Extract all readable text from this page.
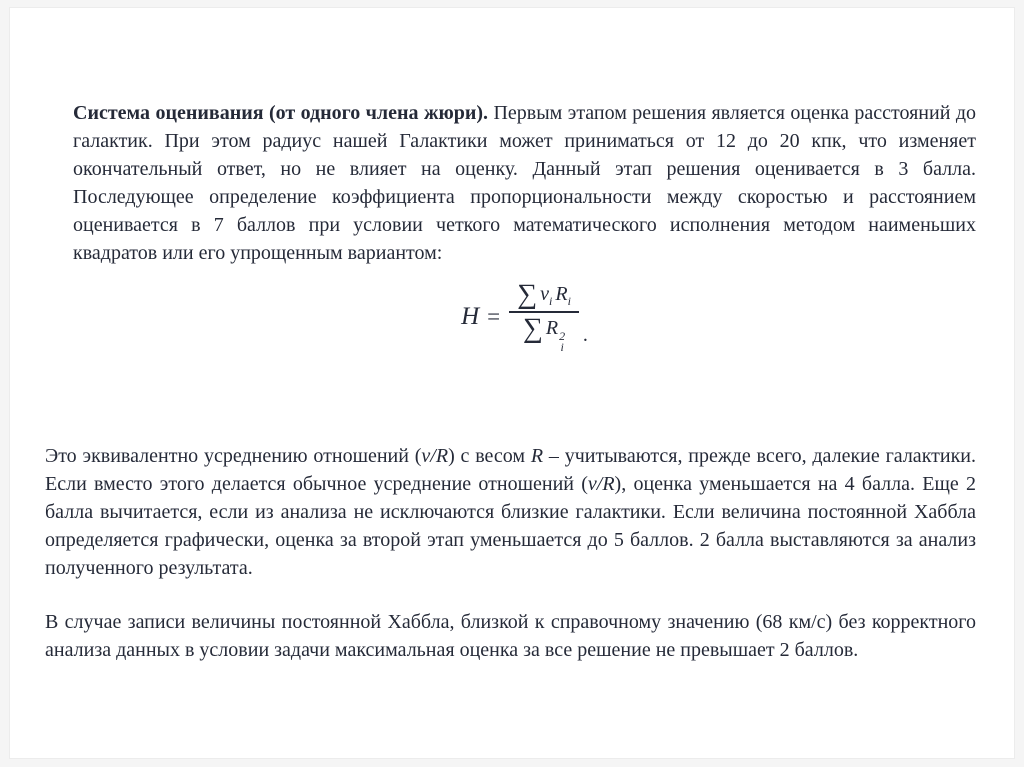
Система оценивания (от одного члена жюри). Первым этапом решения является оценка расстояний до галактик. При этом радиус нашей Галактики может приниматься от 12 до 20 кпк, что изменяет окончательный ответ, но не влияет на оценку. Данный этап решения оценивается в 3 балла. Последующее определение коэффициента пропорциональности между скоростью и расстоянием оценивается в 7 баллов при условии четкого математического исполнения методом наименьших квадратов или его упрощенным вариантом:

H = ∑ $v_i$ $R_i$
∑ R 2
i .

Это эквивалентно усреднению отношений (v/R) с весом R – учитываются, прежде всего, далекие галактики. Если вместо этого делается обычное усреднение отношений (v/R), оценка уменьшается на 4 балла. Еще 2 балла вычитается, если из анализа не исключаются близкие галактики. Если величина постоянной Хаббла определяется графически, оценка за второй этап уменьшается до 5 баллов. 2 балла выставляются за анализ полученного результата.

В случае записи величины постоянной Хаббла, близкой к справочному значению (68 км/с) без корректного анализа данных в условии задачи максимальная оценка за все решение не превышает 2 баллов.
